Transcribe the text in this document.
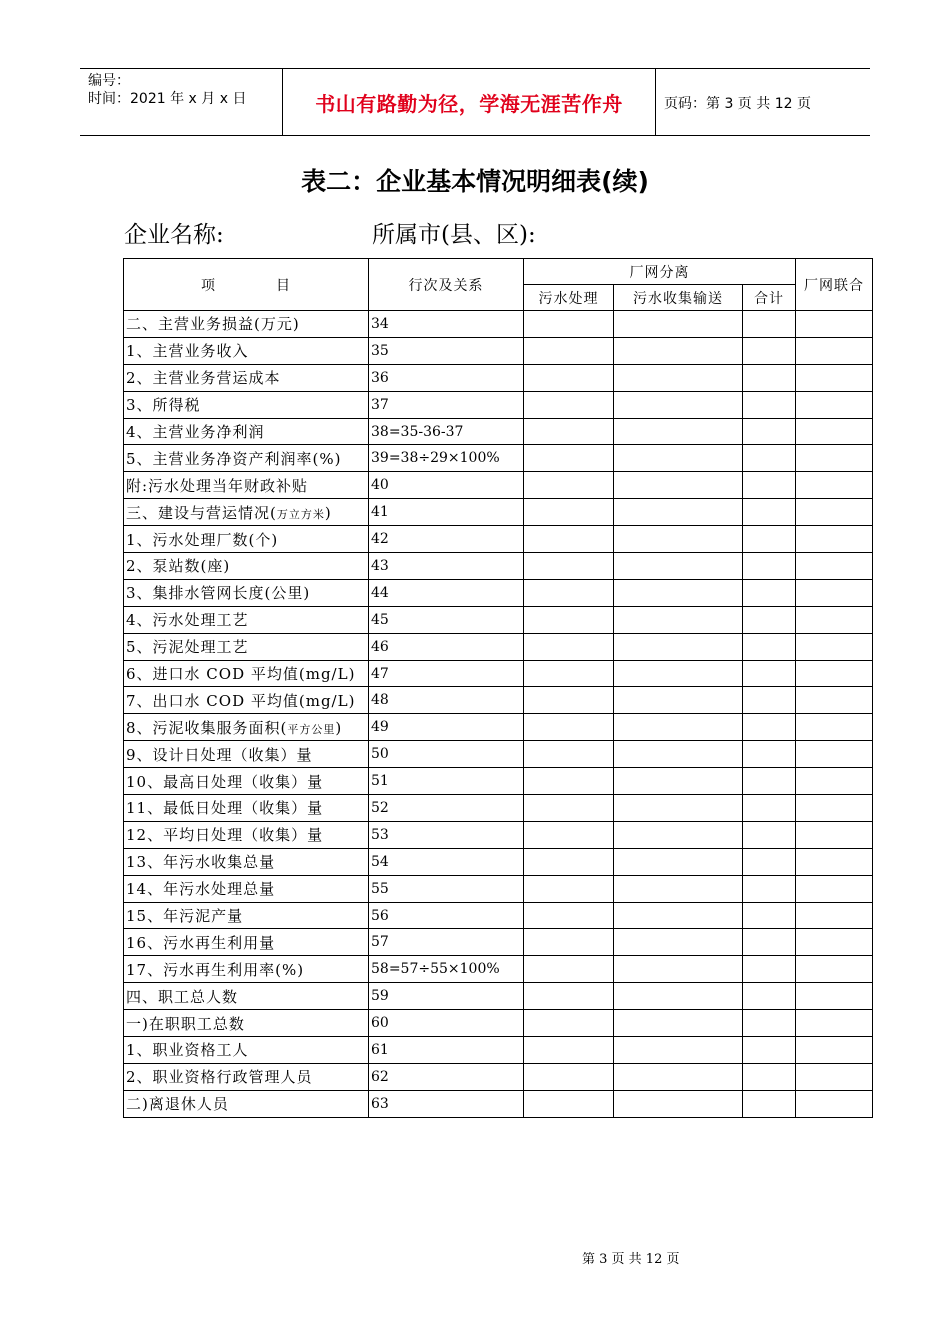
编号：
时间：2021 年 x 月 x 日	书山有路勤为径，学海无涯苦作舟	页码：第 3 页 共 12 页
表二：企业基本情况明细表(续)
企业名称:	所属市(县、区):
项　　　　目	行次及关系	厂网分离			厂网联合
		污水处理	污水收集输送	合计	
二、主营业务损益(万元)	34				
1、主营业务收入	35				
2、主营业务营运成本	36				
3、所得税	37				
4、主营业务净利润	38=35-36-37				
5、主营业务净资产利润率(%)	39=38÷29×100%				
附:污水处理当年财政补贴	40				
三、建设与营运情况(万立方米)	41				
1、污水处理厂数(个)	42				
2、泵站数(座)	43				
3、集排水管网长度(公里)	44				
4、污水处理工艺	45				
5、污泥处理工艺	46				
6、进口水 COD 平均值(mg/L)	47				
7、出口水 COD 平均值(mg/L)	48				
8、污泥收集服务面积(平方公里)	49				
9、设计日处理（收集）量	50				
10、最高日处理（收集）量	51				
11、最低日处理（收集）量	52				
12、平均日处理（收集）量	53				
13、年污水收集总量	54				
14、年污水处理总量	55				
15、年污泥产量	56				
16、污水再生利用量	57				
17、污水再生利用率(%)	58=57÷55×100%				
四、职工总人数	59				
一)在职职工总数	60				
1、职业资格工人	61				
2、职业资格行政管理人员	62				
二)离退休人员	63				
第 3 页 共 12 页
